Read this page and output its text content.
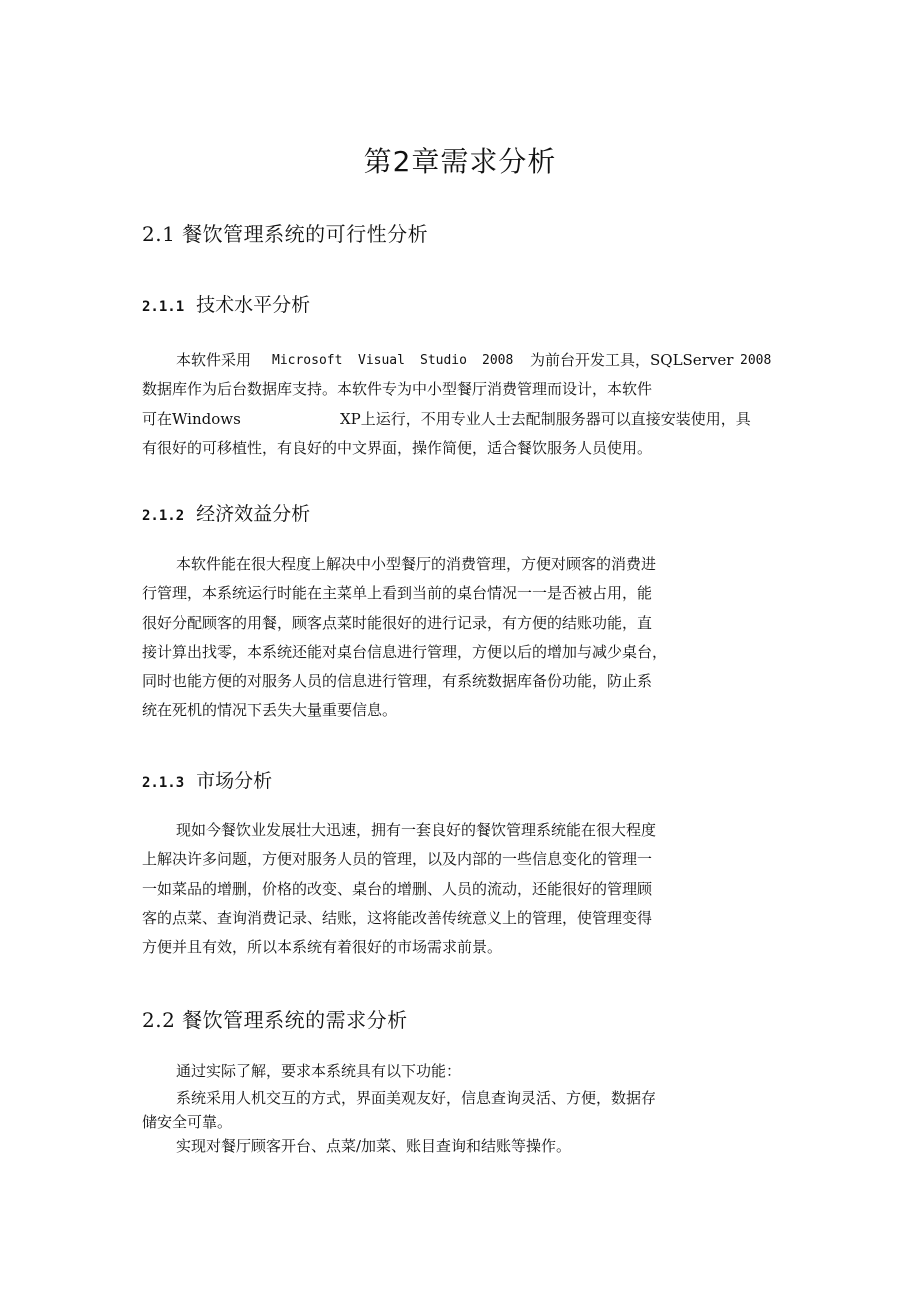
第2章需求分析
2.1 餐饮管理系统的可行性分析
2.1.1 技术水平分析
本软件采用 Microsoft Visual Studio 2008 为前台开发工具，SQLServer 2008
数据库作为后台数据库支持。本软件专为中小型餐厅消费管理而设计，本软件
可在Windows	XP上运行，不用专业人士去配制服务器可以直接安装使用，具
有很好的可移植性，有良好的中文界面，操作简便，适合餐饮服务人员使用。
2.1.2 经济效益分析
本软件能在很大程度上解决中小型餐厅的消费管理，方便对顾客的消费进
行管理，本系统运行时能在主菜单上看到当前的桌台情况一一是否被占用，能
很好分配顾客的用餐，顾客点菜时能很好的进行记录，有方便的结账功能，直
接计算出找零，本系统还能对桌台信息进行管理，方便以后的增加与减少桌台，
同时也能方便的对服务人员的信息进行管理，有系统数据库备份功能，防止系
统在死机的情况下丢失大量重要信息。
2.1.3 市场分析
现如今餐饮业发展壮大迅速，拥有一套良好的餐饮管理系统能在很大程度
上解决许多问题，方便对服务人员的管理，以及内部的一些信息变化的管理一
一如菜品的增删，价格的改变、桌台的增删、人员的流动，还能很好的管理顾
客的点菜、查询消费记录、结账，这将能改善传统意义上的管理，使管理变得
方便并且有效，所以本系统有着很好的市场需求前景。
2.2 餐饮管理系统的需求分析
通过实际了解，要求本系统具有以下功能：
系统采用人机交互的方式，界面美观友好，信息查询灵活、方便，数据存
储安全可靠。
实现对餐厅顾客开台、点菜/加菜、账目查询和结账等操作。
